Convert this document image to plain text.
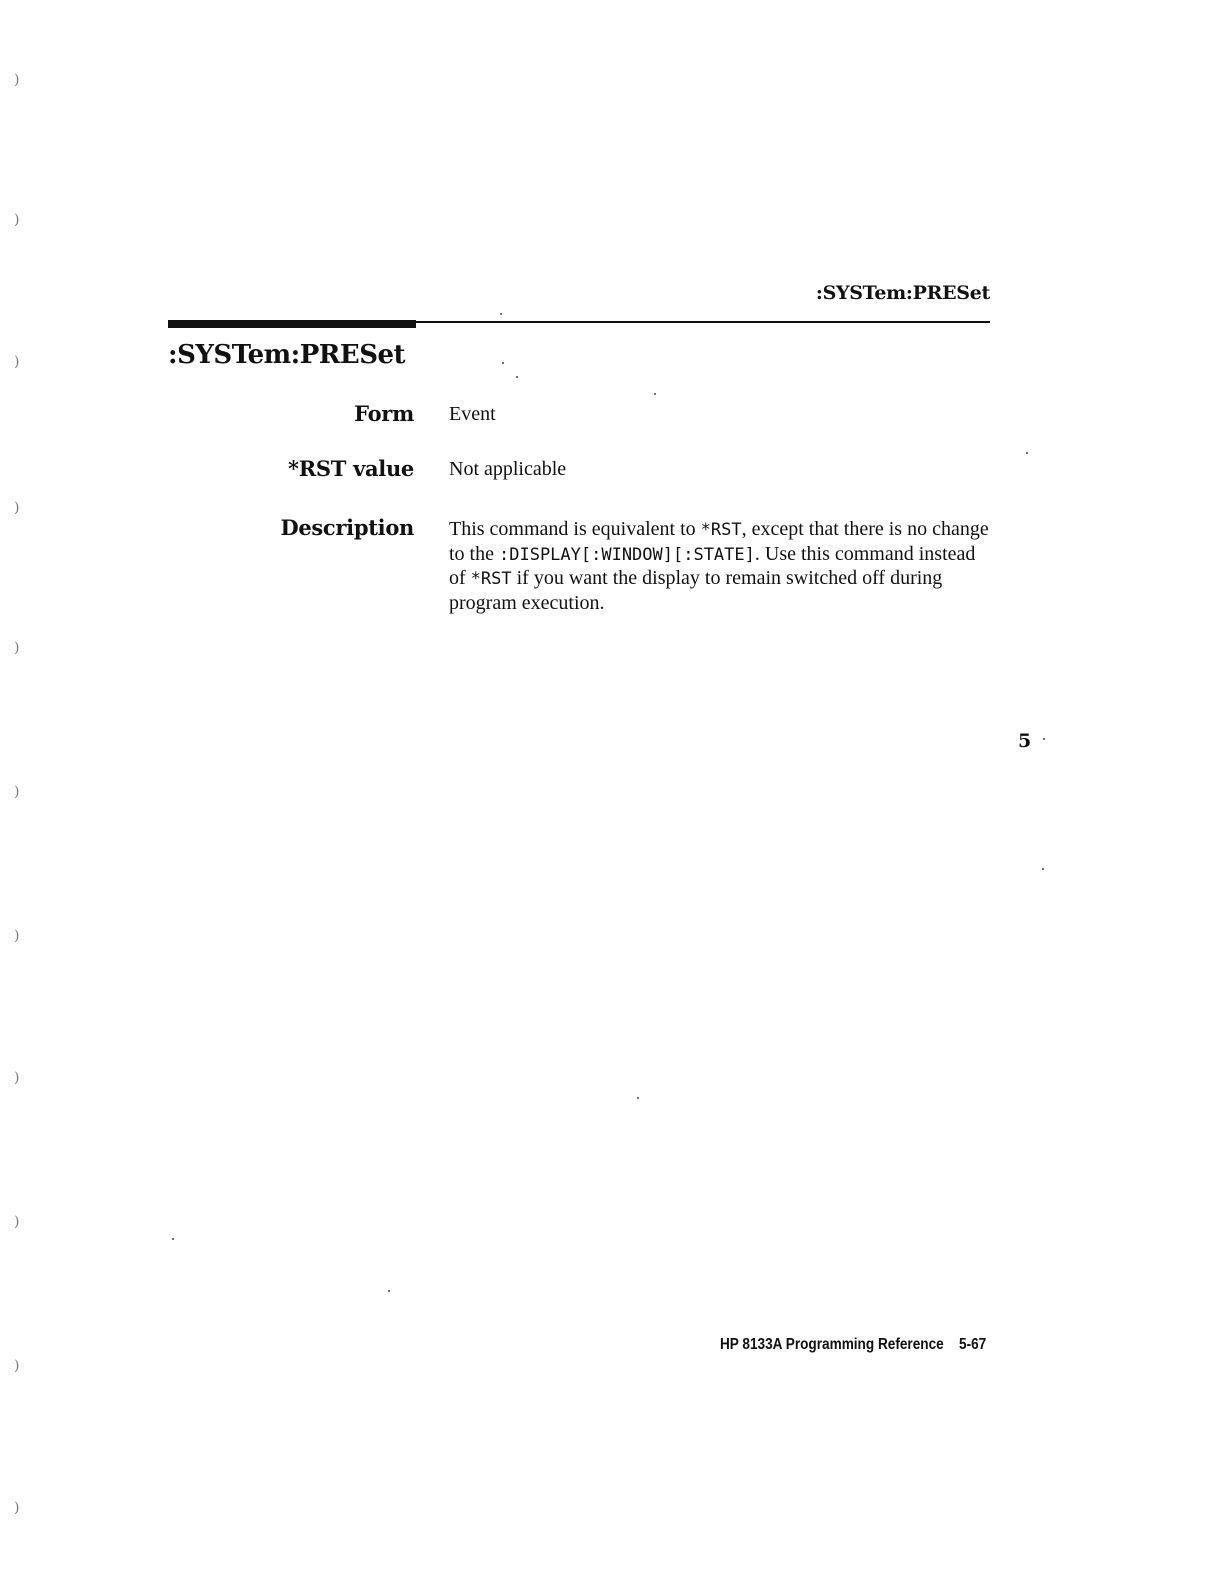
:SYSTem:PRESet
:SYSTem:PRESet
Form Event
*RST value Not applicable
Description This command is equivalent to *RST, except that there is no change to the :DISPLAY[:WINDOW][:STATE]. Use this command instead of *RST if you want the display to remain switched off during program execution.
5
HP 8133A Programming Reference 5-67
)
)
)
)
)
)
)
)
)
)
)
